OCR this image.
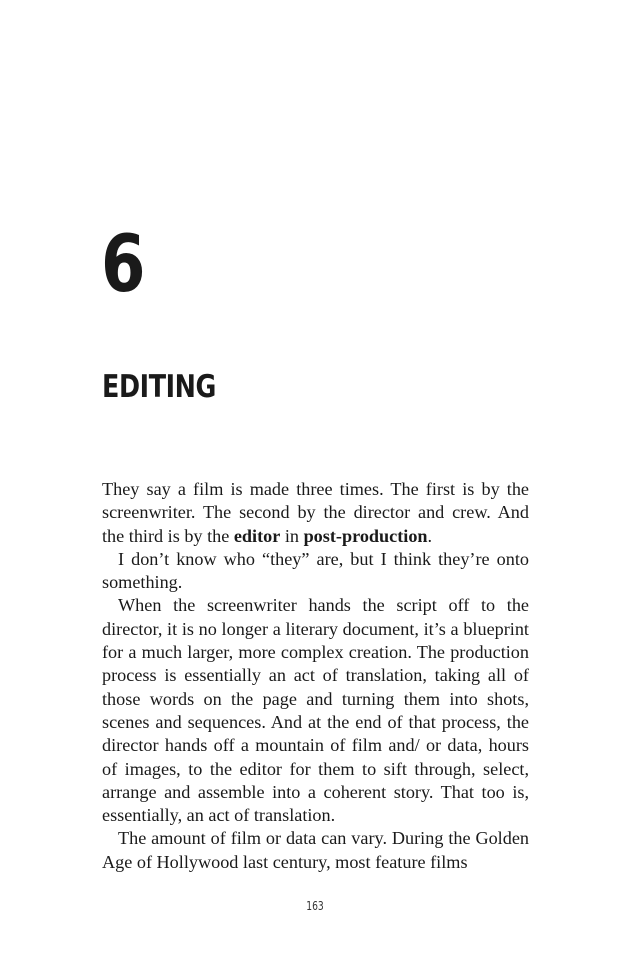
6
EDITING

They say a film is made three times. The first is by the screenwriter. The second by the director and crew. And the third is by the editor in post-production.

I don’t know who “they” are, but I think they’re onto something.

When the screenwriter hands the script off to the director, it is no longer a literary document, it’s a blueprint for a much larger, more complex creation. The production process is essentially an act of translation, taking all of those words on the page and turning them into shots, scenes and sequences. And at the end of that process, the director hands off a mountain of film and/ or data, hours of images, to the editor for them to sift through, select, arrange and assemble into a coherent story. That too is, essentially, an act of translation.

The amount of film or data can vary. During the Golden Age of Hollywood last century, most feature films

163
